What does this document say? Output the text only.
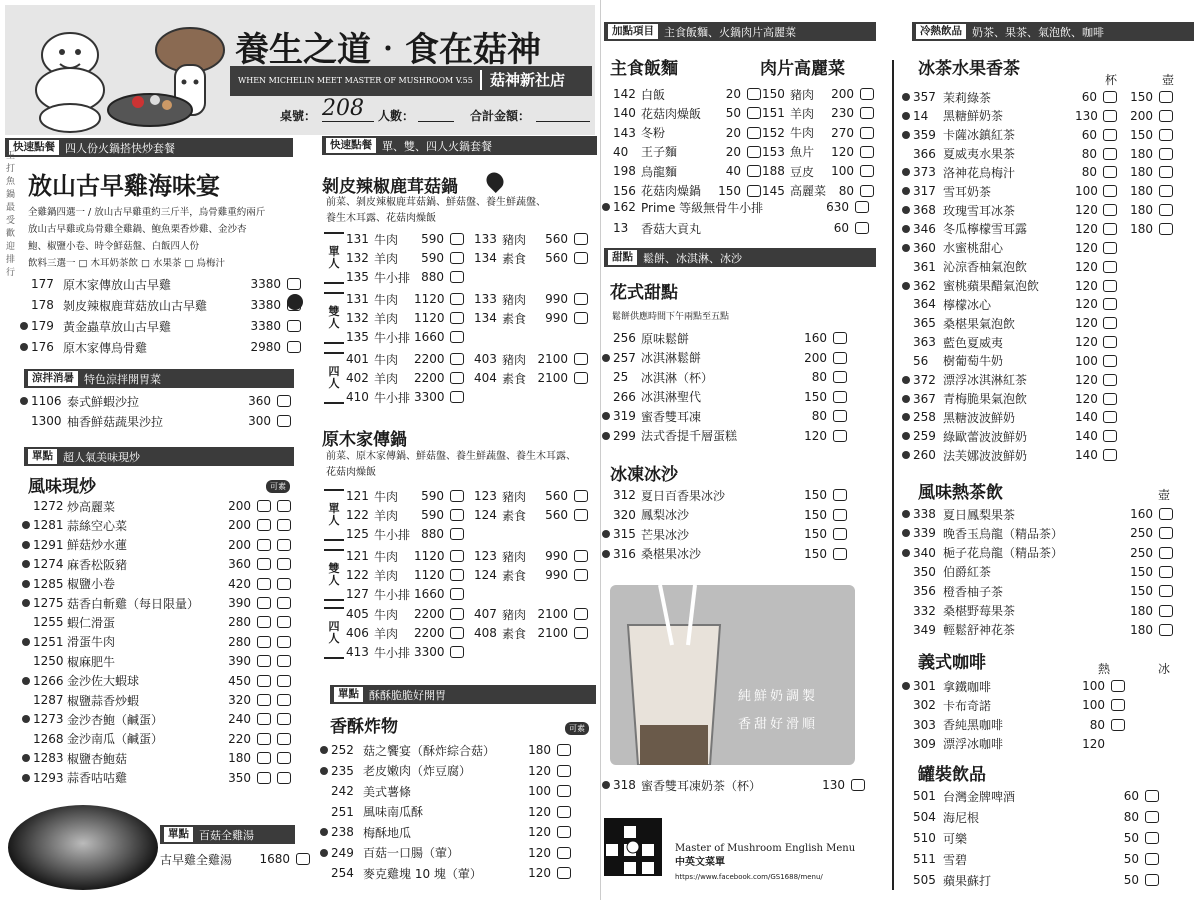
養生之道‧食在菇神
WHEN MICHELIN MEET MASTER OF MUSHROOM V.55	菇神新社店
桌號： 208	人數：	合計金額：
快速點餐 四人份火鍋搭快炒套餐
王
打
魚
鍋
最
受
歡
迎
排
行
放山古早雞海味宴
全雞鍋四選一 / 放山古早雞重約三斤半，烏骨雞重約兩斤
放山古早雞或烏骨雞全雞鍋、鮑魚栗香炒雞、金沙杏
鮑、椒鹽小卷、時令鮮菇盤、白飯四人份
飲料三選一 □ 木耳奶茶飲 □ 水果茶 □ 烏梅汁
177 原木家傳放山古早雞	3380
178 剝皮辣椒鹿茸菇放山古早雞	3380
179 黃金蟲草放山古早雞	3380
176 原木家傳烏骨雞	2980
涼拌消暑 特色涼拌開胃菜
1106 泰式鮮蝦沙拉	360
1300 柚香鮮菇蔬果沙拉	300
單點 超人氣美味現炒
風味現炒	可素
1272 炒高麗菜	200
1281 蒜絲空心菜	200
1291 鮮菇炒水蓮	200
1274 麻香松阪豬	360
1285 椒鹽小卷	420
1275 菇香白斬雞（每日限量）	390
1255 蝦仁滑蛋	280
1251 滑蛋牛肉	280
1250 椒麻肥牛	390
1266 金沙佐大蝦球	450
1287 椒鹽蒜香炒蝦	320
1273 金沙杏鮑（鹹蛋）	240
1268 金沙南瓜（鹹蛋）	220
1283 椒鹽杏鮑菇	180
1293 蒜香咕咕雞	350
單點 百菇全雞湯
古早雞全雞湯	1680
快速點餐 單、雙、四人火鍋套餐
剝皮辣椒鹿茸菇鍋
前菜、剝皮辣椒鹿茸菇鍋、鮮菇盤、養生鮮蔬盤、
養生木耳露、花菇肉燥飯
原木家傳鍋
前菜、原木家傳鍋、鮮菇盤、養生鮮蔬盤、養生木耳露、
花菇肉燥飯
單
人
131 牛肉	590	133 豬肉	560
132 羊肉	590	134 素食	560
135 牛小排 880
雙
人
131 牛肉	1120 133 豬肉	990
132 羊肉	1120 134 素食	990
135 牛小排 1660
四
人
401 牛肉	2200 403 豬肉 2100
402 羊肉	2200 404 素食 2100
410 牛小排 3300
單
人
121 牛肉	590	123 豬肉	560
122 羊肉	590	124 素食	560
125 牛小排 880
雙
人
121 牛肉	1120 123 豬肉	990
122 羊肉	1120 124 素食	990
127 牛小排 1660
四
人
405 牛肉	2200 407 豬肉 2100
406 羊肉	2200 408 素食 2100
413 牛小排 3300
單點 酥酥脆脆好開胃
香酥炸物	可素
252 菇之饗宴（酥炸綜合菇）	180
235 老皮嫩肉（炸豆腐）	120
242 美式薯條	100
251 風味南瓜酥	120
238 梅酥地瓜	120
249 百菇一口腸（葷）	120
254 麥克雞塊 10 塊（葷）	120
加點項目 主食飯麵、火鍋肉片高麗菜
主食飯麵	肉片高麗菜
142 白飯	20
140 花菇肉燥飯	50
143 冬粉	20
40	王子麵	20
198 烏龍麵	40
156 花菇肉燥鍋	150
150 豬肉	200
151 羊肉	230
152 牛肉	270
153 魚片	120
188 豆皮	100
145 高麗菜	80
162 Prime 等級無骨牛小排	630
13	香菇大貢丸	60
甜點 鬆餅、冰淇淋、冰沙
花式甜點
鬆餅供應時間下午兩點至五點
256 原味鬆餅	160
257 冰淇淋鬆餅	200
25	冰淇淋（杯）	80
266 冰淇淋聖代	150
319 蜜香雙耳凍	80
299 法式香提千層蛋糕	120
冰凍冰沙
312 夏日百香果冰沙	150
320 鳳梨冰沙	150
315 芒果冰沙	150
316 桑椹果冰沙	150
純鮮奶調製
香甜好滑順
318 蜜香雙耳凍奶茶（杯）	130
Master of Mushroom English Menu
中英文菜單
https://www.facebook.com/GS1688/menu/
冷熱飲品 奶茶、果茶、氣泡飲、咖啡
冰茶水果香茶
杯	壺
357 茉莉綠茶	60	150
14	黑糖鮮奶茶	130	200
359 卡薩冰鎮紅茶	60	150
366 夏威夷水果茶	80	180
373 洛神花烏梅汁	80	180
317 雪耳奶茶	100	180
368 玫瑰雪耳冰茶	120	180
346 冬瓜檸檬雪耳露	120	180
360 水蜜桃甜心	120
361 沁涼香柚氣泡飲	120
362 蜜桃蘋果醋氣泡飲	120
364 檸檬冰心	120
365 桑椹果氣泡飲	120
363 藍色夏威夷	120
56	樹葡萄牛奶	100
372 漂浮冰淇淋紅茶	120
367 青梅脆果氣泡飲	120
258 黑糖波波鮮奶	140
259 綠歐蕾波波鮮奶	140
260 法芙娜波波鮮奶	140
風味熱茶飲	壺
338 夏日鳳梨果茶	160
339 晚香玉烏龍（精品茶）	250
340 梔子花烏龍（精品茶）	250
350 伯爵紅茶	150
356 橙香柚子茶	150
332 桑椹野莓果茶	180
349 輕鬆舒神花茶	180
義式咖啡	熱	冰
301 拿鐵咖啡	100
302 卡布奇諾	100
303 香純黑咖啡	80
309 漂浮冰咖啡	120
罐裝飲品
501 台灣金牌啤酒	60
504 海尼根	80
510 可樂	50
511 雪碧	50
505 蘋果蘇打	50
